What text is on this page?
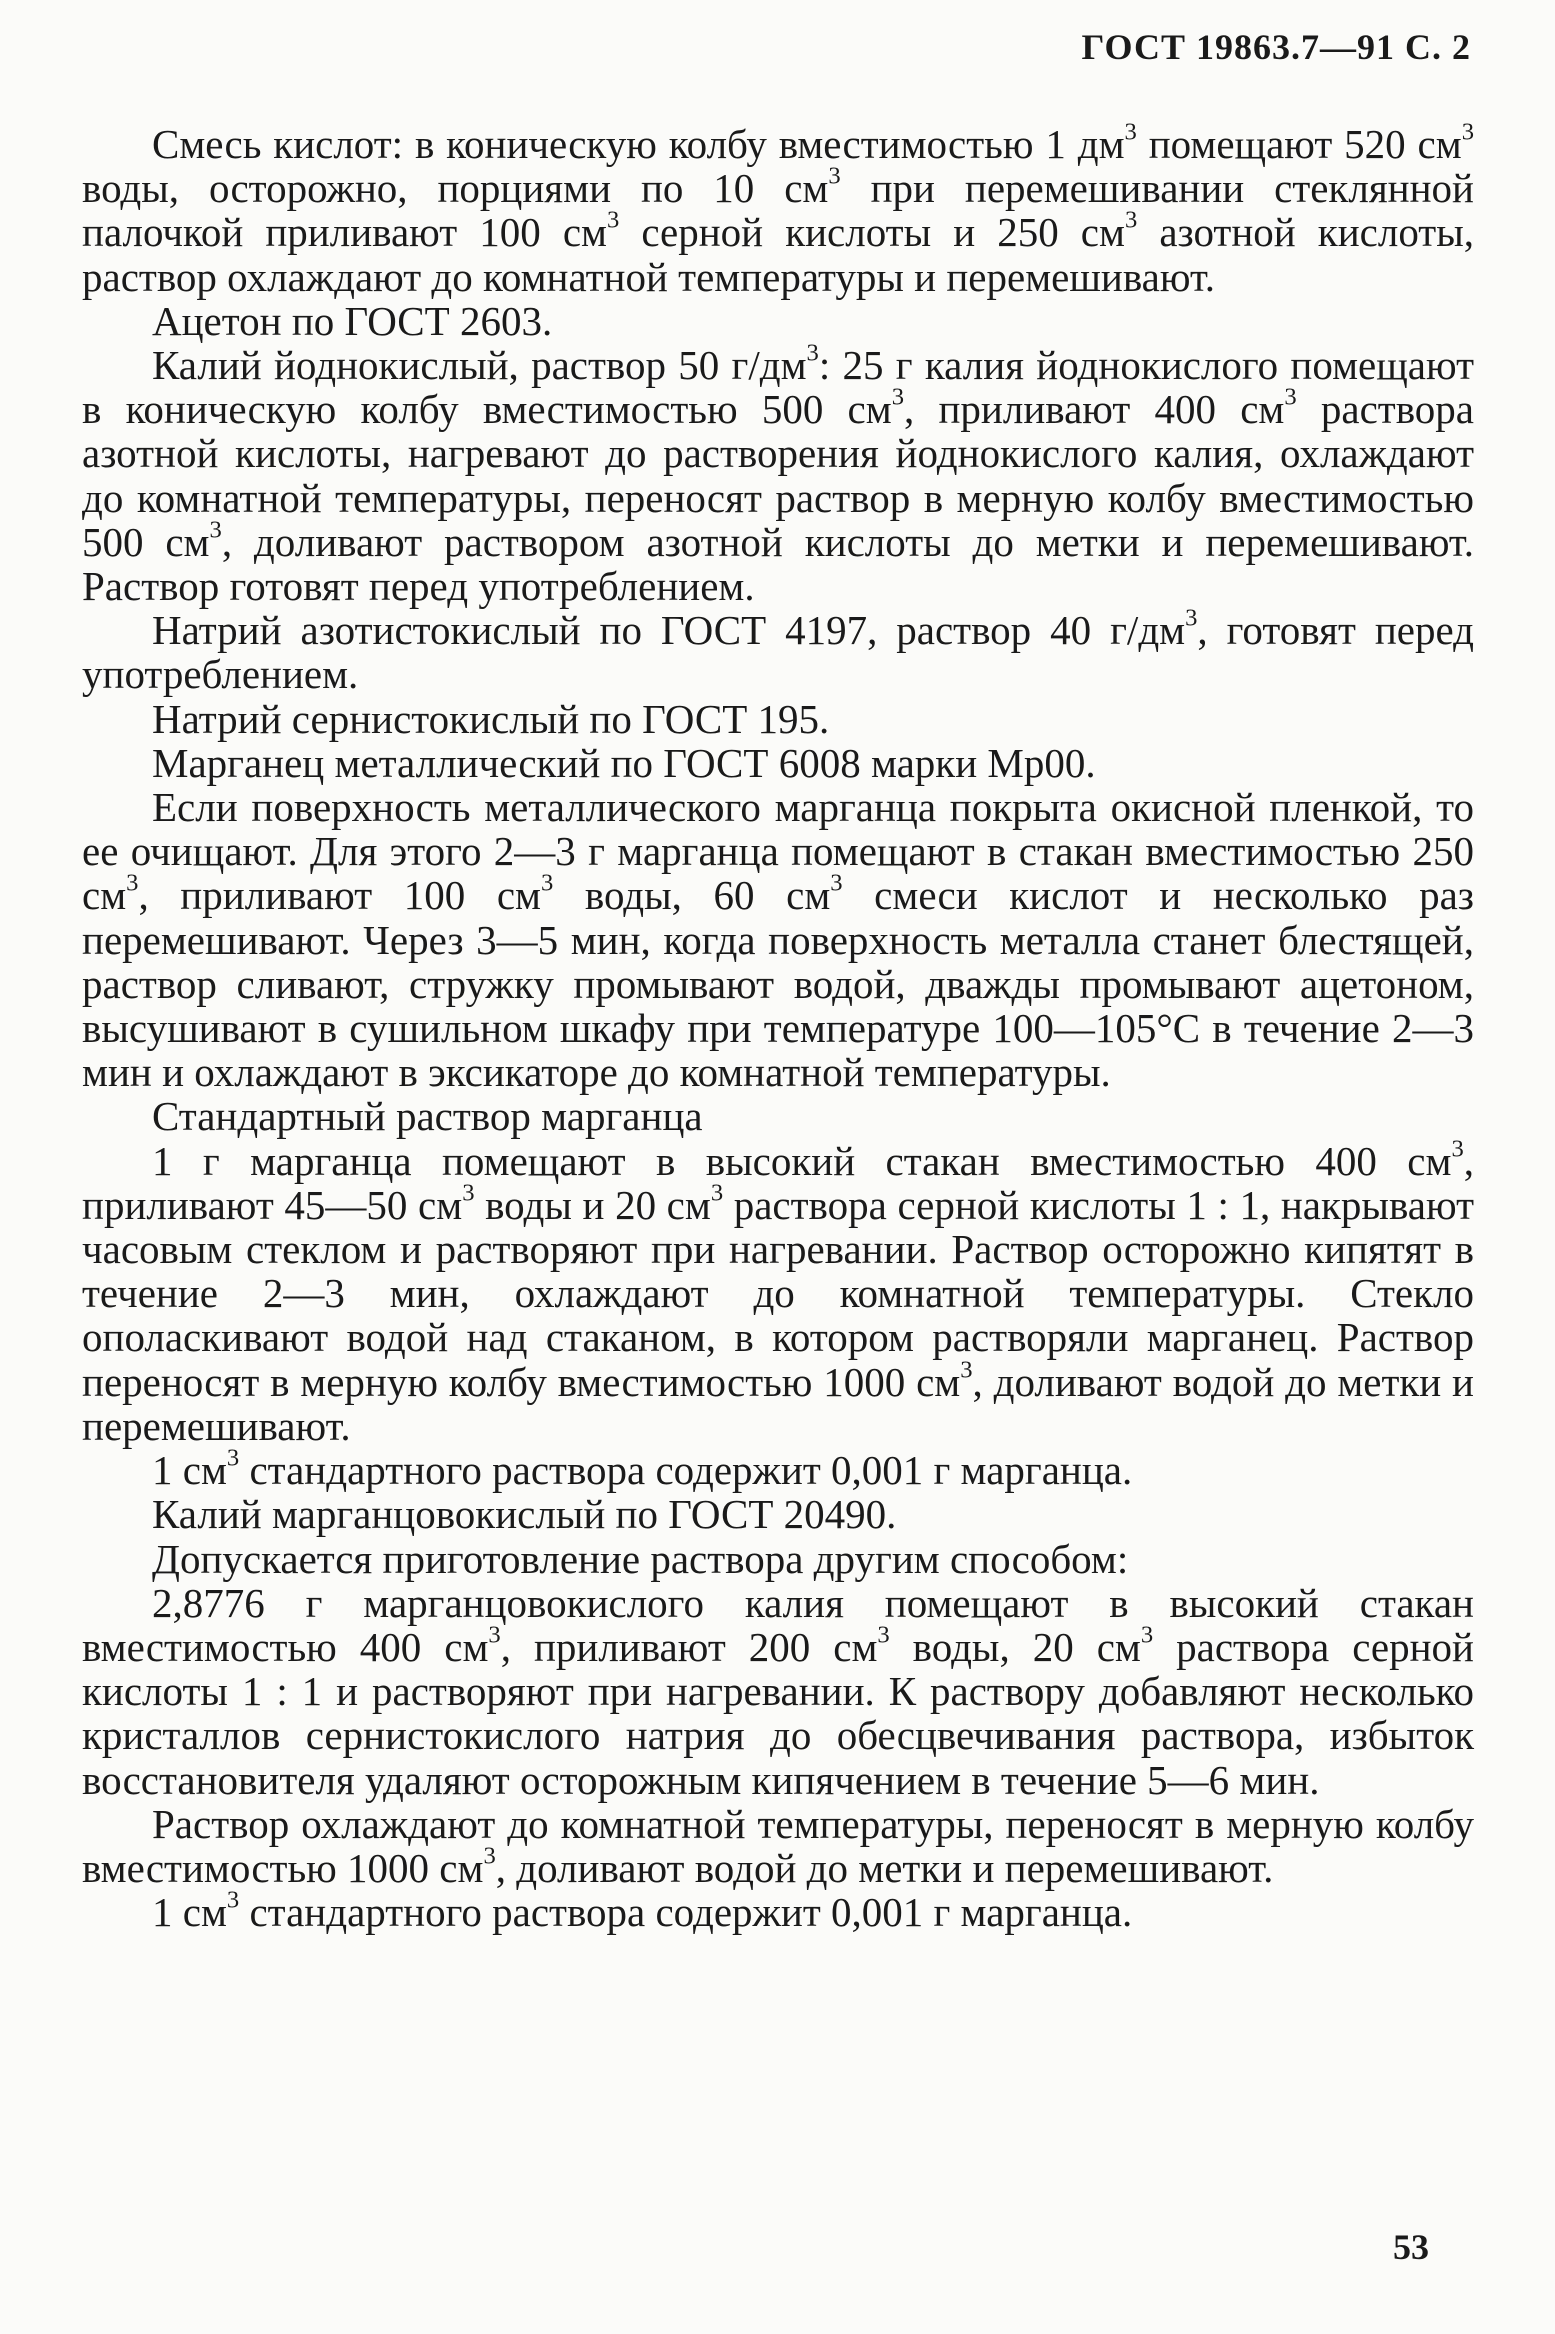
ГОСТ 19863.7—91 С. 2

Смесь кислот: в коническую колбу вместимостью 1 $дм^3$ помещают 520 $см^3$ воды, осторожно, порциями по 10 $см^3$ при перемешивании стеклянной палочкой приливают 100 $см^3$ серной кислоты и 250 $см^3$ азотной кислоты, раствор охлаждают до комнатной температуры и перемешивают.

Ацетон по ГОСТ 2603.

Калий йоднокислый, раствор 50 $г/дм^3$: 25 г калия йоднокислого помещают в коническую колбу вместимостью 500 $см^3$, приливают 400 $см^3$ раствора азотной кислоты, нагревают до растворения йоднокислого калия, охлаждают до комнатной температуры, переносят раствор в мерную колбу вместимостью 500 $см^3$, доливают раствором азотной кислоты до метки и перемешивают. Раствор готовят перед употреблением.

Натрий азотистокислый по ГОСТ 4197, раствор 40 $г/дм^3$, готовят перед употреблением.

Натрий сернистокислый по ГОСТ 195.

Марганец металлический по ГОСТ 6008 марки Мр00.

Если поверхность металлического марганца покрыта окисной пленкой, то ее очищают. Для этого 2—3 г марганца помещают в стакан вместимостью 250 $см^3$, приливают 100 $см^3$ воды, 60 $см^3$ смеси кислот и несколько раз перемешивают. Через 3—5 мин, когда поверхность металла станет блестящей, раствор сливают, стружку промывают водой, дважды промывают ацетоном, высушивают в сушильном шкафу при температуре 100—105°С в течение 2—3 мин и охлаждают в эксикаторе до комнатной температуры.

Стандартный раствор марганца

1 г марганца помещают в высокий стакан вместимостью 400 $см^3$, приливают 45—50 $см^3$ воды и 20 $см^3$ раствора серной кислоты 1 : 1, накрывают часовым стеклом и растворяют при нагревании. Раствор осторожно кипятят в течение 2—3 мин, охлаждают до комнатной температуры. Стекло ополаскивают водой над стаканом, в котором растворяли марганец. Раствор переносят в мерную колбу вместимостью 1000 $см^3$, доливают водой до метки и перемешивают.

1 $см^3$ стандартного раствора содержит 0,001 г марганца.

Калий марганцовокислый по ГОСТ 20490.

Допускается приготовление раствора другим способом:

2,8776 г марганцовокислого калия помещают в высокий стакан вместимостью 400 $см^3$, приливают 200 $см^3$ воды, 20 $см^3$ раствора серной кислоты 1 : 1 и растворяют при нагревании. К раствору добавляют несколько кристаллов сернистокислого натрия до обесцвечивания раствора, избыток восстановителя удаляют осторожным кипячением в течение 5—6 мин.

Раствор охлаждают до комнатной температуры, переносят в мерную колбу вместимостью 1000 $см^3$, доливают водой до метки и перемешивают.

1 $см^3$ стандартного раствора содержит 0,001 г марганца.

53
